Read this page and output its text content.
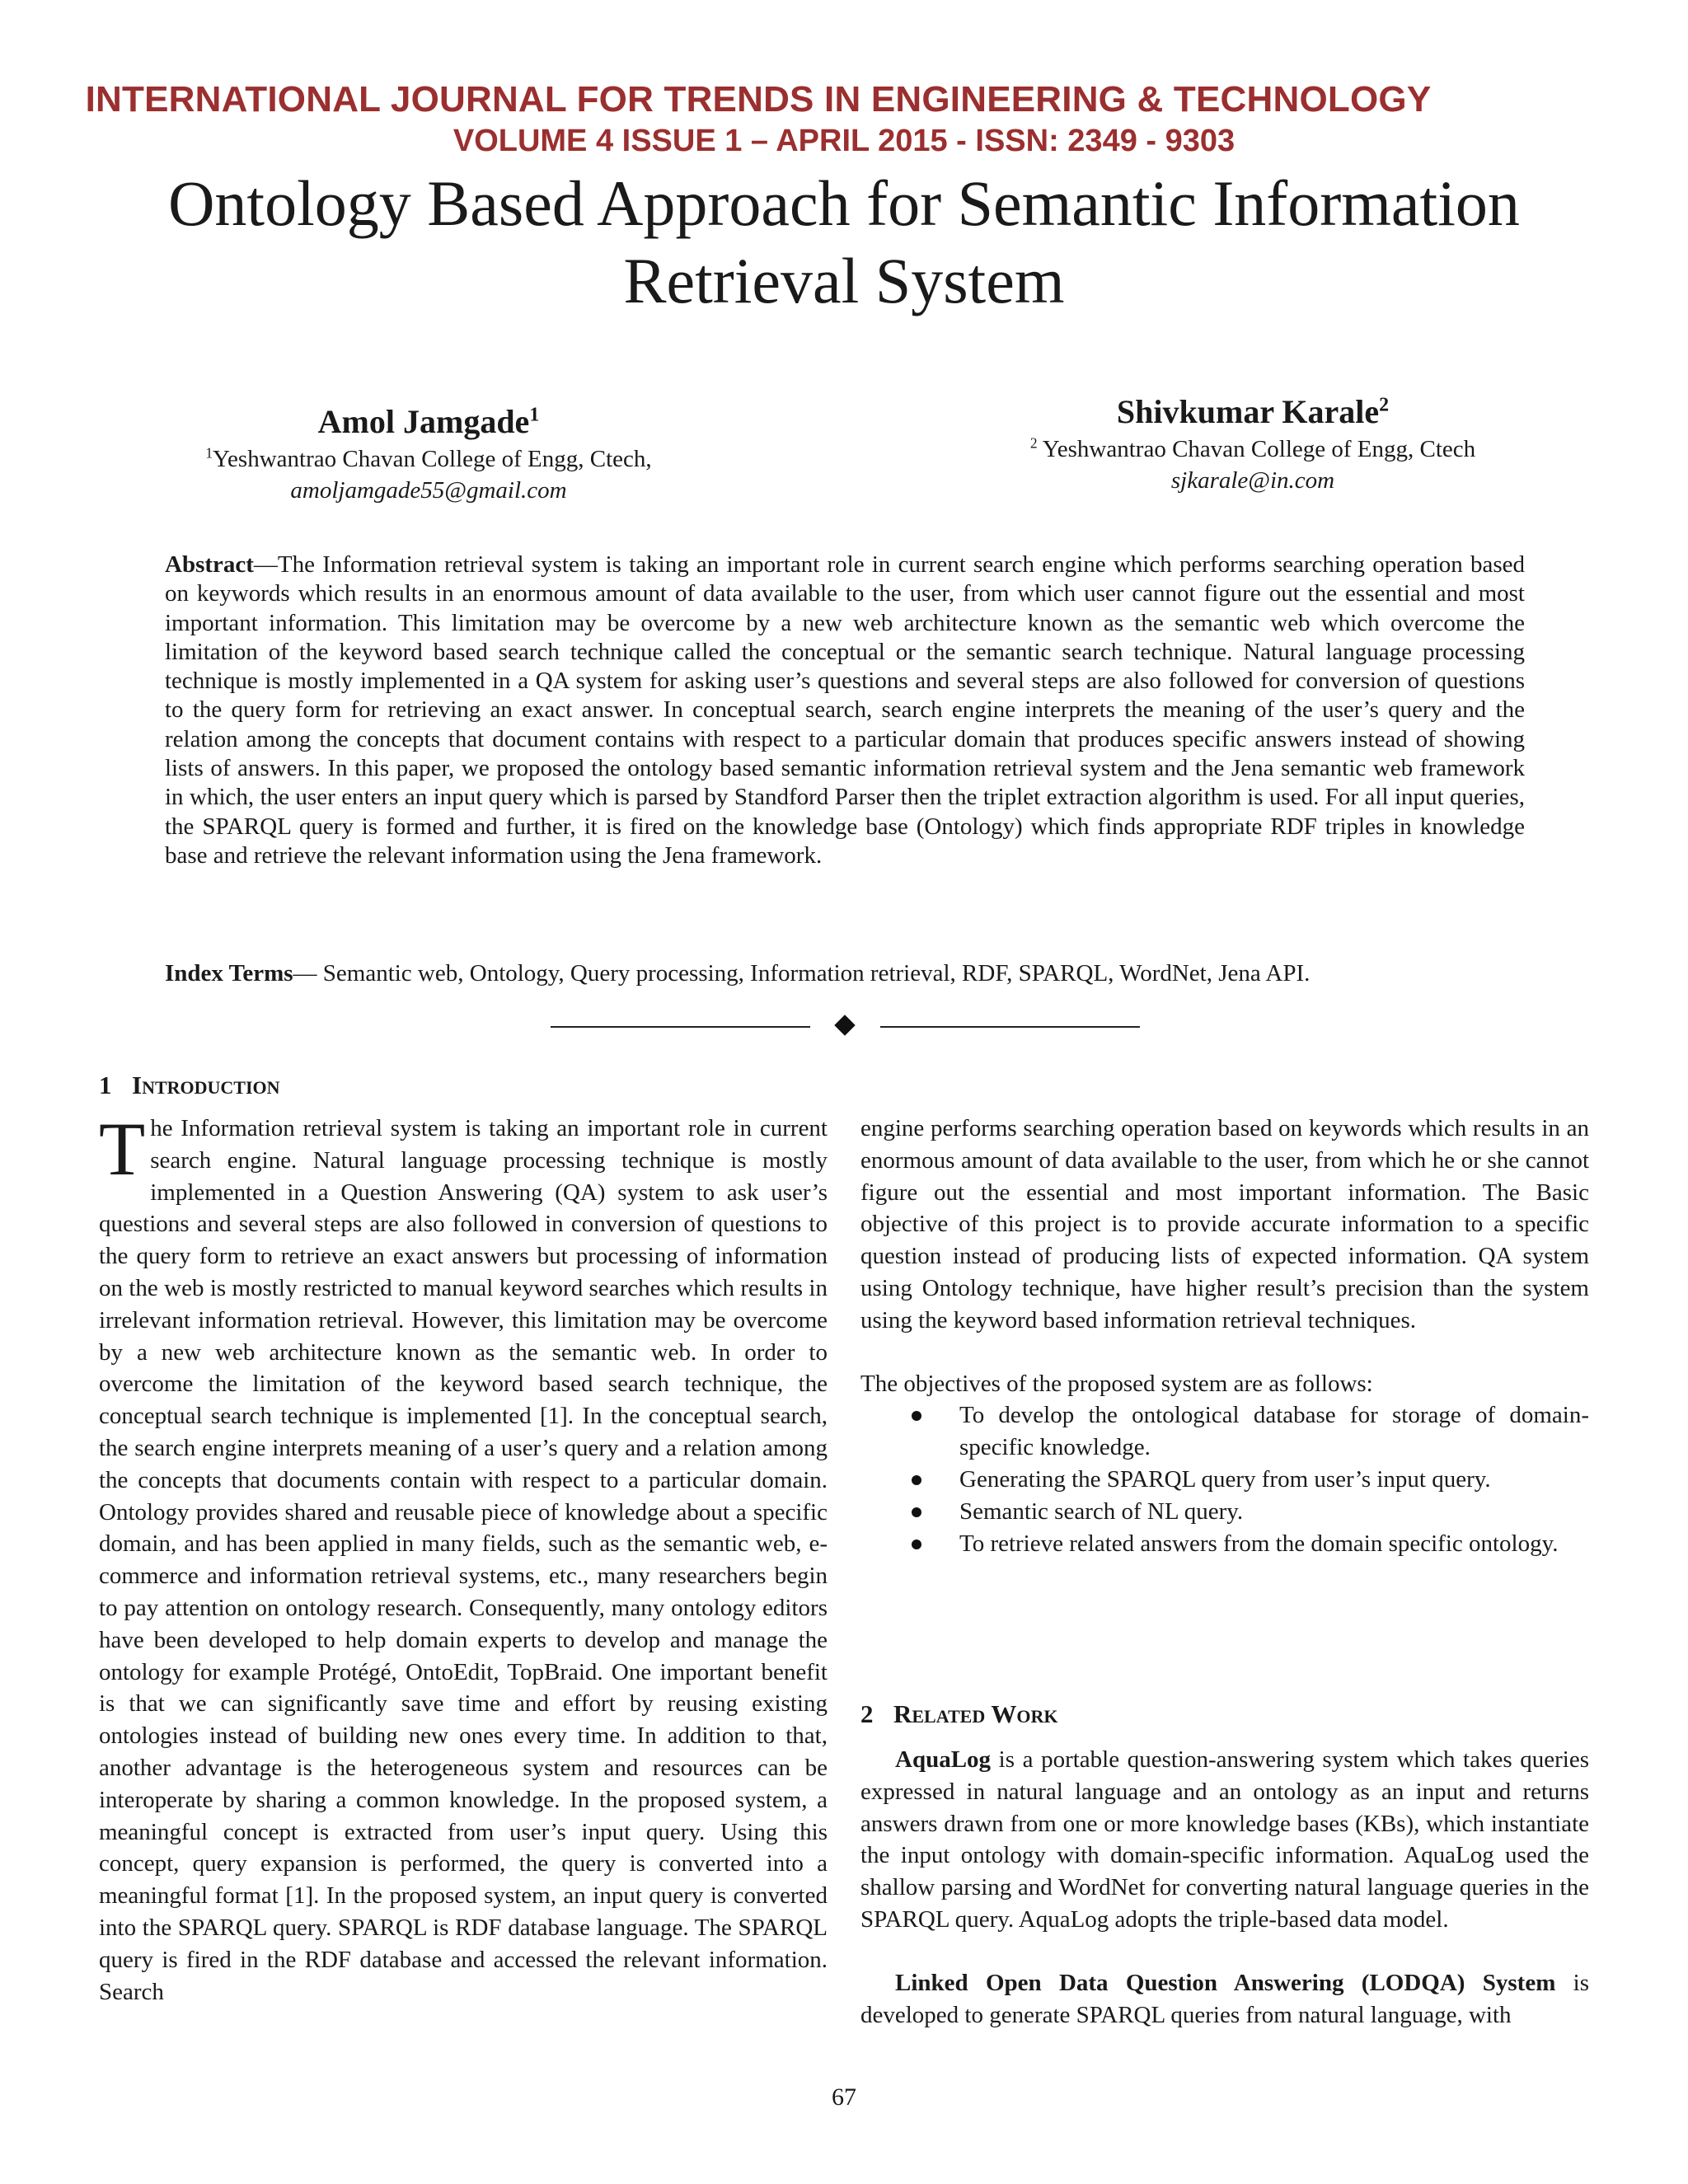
INTERNATIONAL JOURNAL FOR TRENDS IN ENGINEERING & TECHNOLOGY
VOLUME 4 ISSUE 1 – APRIL 2015 - ISSN: 2349 - 9303
Ontology Based Approach for Semantic Information
Retrieval System
Amol Jamgade$^1$
$^1$Yeshwantrao Chavan College of Engg, Ctech,
amoljamgade55@gmail.com
Shivkumar Karale$^2$
$^2$ Yeshwantrao Chavan College of Engg, Ctech
sjkarale@in.com
Abstract—The Information retrieval system is taking an important role in current search engine which performs searching operation based on keywords which results in an enormous amount of data available to the user, from which user cannot figure out the essential and most important information. This limitation may be overcome by a new web architecture known as the semantic web which overcome the limitation of the keyword based search technique called the conceptual or the semantic search technique. Natural language processing technique is mostly implemented in a QA system for asking user’s questions and several steps are also followed for conversion of questions to the query form for retrieving an exact answer. In conceptual search, search engine interprets the meaning of the user’s query and the relation among the concepts that document contains with respect to a particular domain that produces specific answers instead of showing lists of answers. In this paper, we proposed the ontology based semantic information retrieval system and the Jena semantic web framework in which, the user enters an input query which is parsed by Standford Parser then the triplet extraction algorithm is used. For all input queries, the SPARQL query is formed and further, it is fired on the knowledge base (Ontology) which finds appropriate RDF triples in knowledge base and retrieve the relevant information using the Jena framework.
Index Terms— Semantic web, Ontology, Query processing, Information retrieval, RDF, SPARQL, WordNet, Jena API.
1 Introduction

The Information retrieval system is taking an important role in current search engine. Natural language processing technique is mostly implemented in a Question Answering (QA) system to ask user’s questions and several steps are also followed in conversion of questions to the query form to retrieve an exact answers but processing of information on the web is mostly restricted to manual keyword searches which results in irrelevant information retrieval. However, this limitation may be overcome by a new web architecture known as the semantic web. In order to overcome the limitation of the keyword based search technique, the conceptual search technique is implemented [1]. In the conceptual search, the search engine interprets meaning of a user’s query and a relation among the concepts that documents contain with respect to a particular domain. Ontology provides shared and reusable piece of knowledge about a specific domain, and has been applied in many fields, such as the semantic web, e-commerce and information retrieval systems, etc., many researchers begin to pay attention on ontology research. Consequently, many ontology editors have been developed to help domain experts to develop and manage the ontology for example Protégé, OntoEdit, TopBraid. One important benefit is that we can significantly save time and effort by reusing existing ontologies instead of building new ones every time. In addition to that, another advantage is the heterogeneous system and resources can be interoperate by sharing a common knowledge. In the proposed system, a meaningful concept is extracted from user’s input query. Using this concept, query expansion is performed, the query is converted into a meaningful format [1]. In the proposed system, an input query is converted into the SPARQL query. SPARQL is RDF database language. The SPARQL query is fired in the RDF database and accessed the relevant information. Search

engine performs searching operation based on keywords which results in an enormous amount of data available to the user, from which he or she cannot figure out the essential and most important information. The Basic objective of this project is to provide accurate information to a specific question instead of producing lists of expected information. QA system using Ontology technique, have higher result’s precision than the system using the keyword based information retrieval techniques.

The objectives of the proposed system are as follows:

To develop the ontological database for storage of domain-specific knowledge.
Generating the SPARQL query from user’s input query.
Semantic search of NL query.
To retrieve related answers from the domain specific ontology.
2 Related Work

AquaLog is a portable question-answering system which takes queries expressed in natural language and an ontology as an input and returns answers drawn from one or more knowledge bases (KBs), which instantiate the input ontology with domain-specific information. AquaLog used the shallow parsing and WordNet for converting natural language queries in the SPARQL query. AquaLog adopts the triple-based data model.

Linked Open Data Question Answering (LODQA) System is developed to generate SPARQL queries from natural language, with

67
